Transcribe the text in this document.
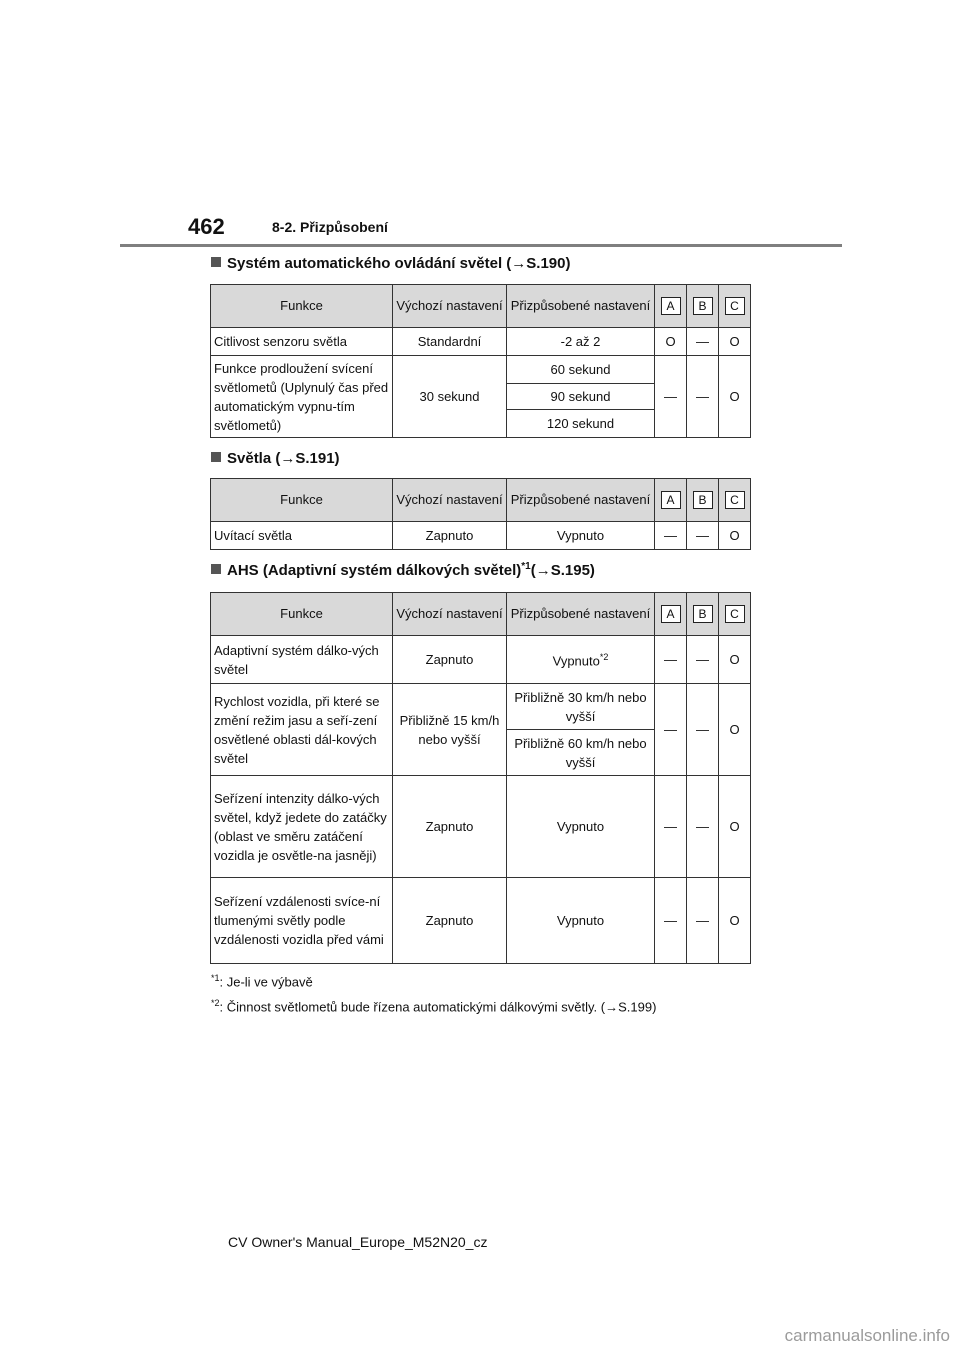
462	8-2. Přizpůsobení
Systém automatického ovládání světel (→S.190)
Funkce	Výchozí nastavení	Přizpůsobené nastavení	A	B	C
Citlivost senzoru světla	Standardní	-2 až 2	O	—	O
Funkce prodloužení svícení světlometů (Uplynulý čas před automatickým vypnu-tím světlometů)	30 sekund	60 sekund	—	—	O
		90 sekund			
		120 sekund			
Světla (→S.191)
Funkce	Výchozí nastavení	Přizpůsobené nastavení	A	B	C
Uvítací světla	Zapnuto	Vypnuto	—	—	O
AHS (Adaptivní systém dálkových světel)$^{*1}$(→S.195)
Funkce	Výchozí nastavení	Přizpůsobené nastavení	A	B	C
Adaptivní systém dálko-vých světel	Zapnuto	Vypnuto$^{*2}$	—	—	O
Rychlost vozidla, při které se změní režim jasu a seří-zení osvětlené oblasti dál-kových světel	Přibližně 15 km/h nebo vyšší	Přibližně 30 km/h nebo vyšší	—	—	O
		Přibližně 60 km/h nebo vyšší			
Seřízení intenzity dálko-vých světel, když jedete do zatáčky (oblast ve směru zatáčení vozidla je osvětle-na jasněji)	Zapnuto	Vypnuto	—	—	O
Seřízení vzdálenosti svíce-ní tlumenými světly podle vzdálenosti vozidla před vámi	Zapnuto	Vypnuto	—	—	O
$^{*1}$: Je-li ve výbavě
$^{*2}$: Činnost světlometů bude řízena automatickými dálkovými světly. (→S.199)
CV Owner's Manual_Europe_M52N20_cz
carmanualsonline.info
